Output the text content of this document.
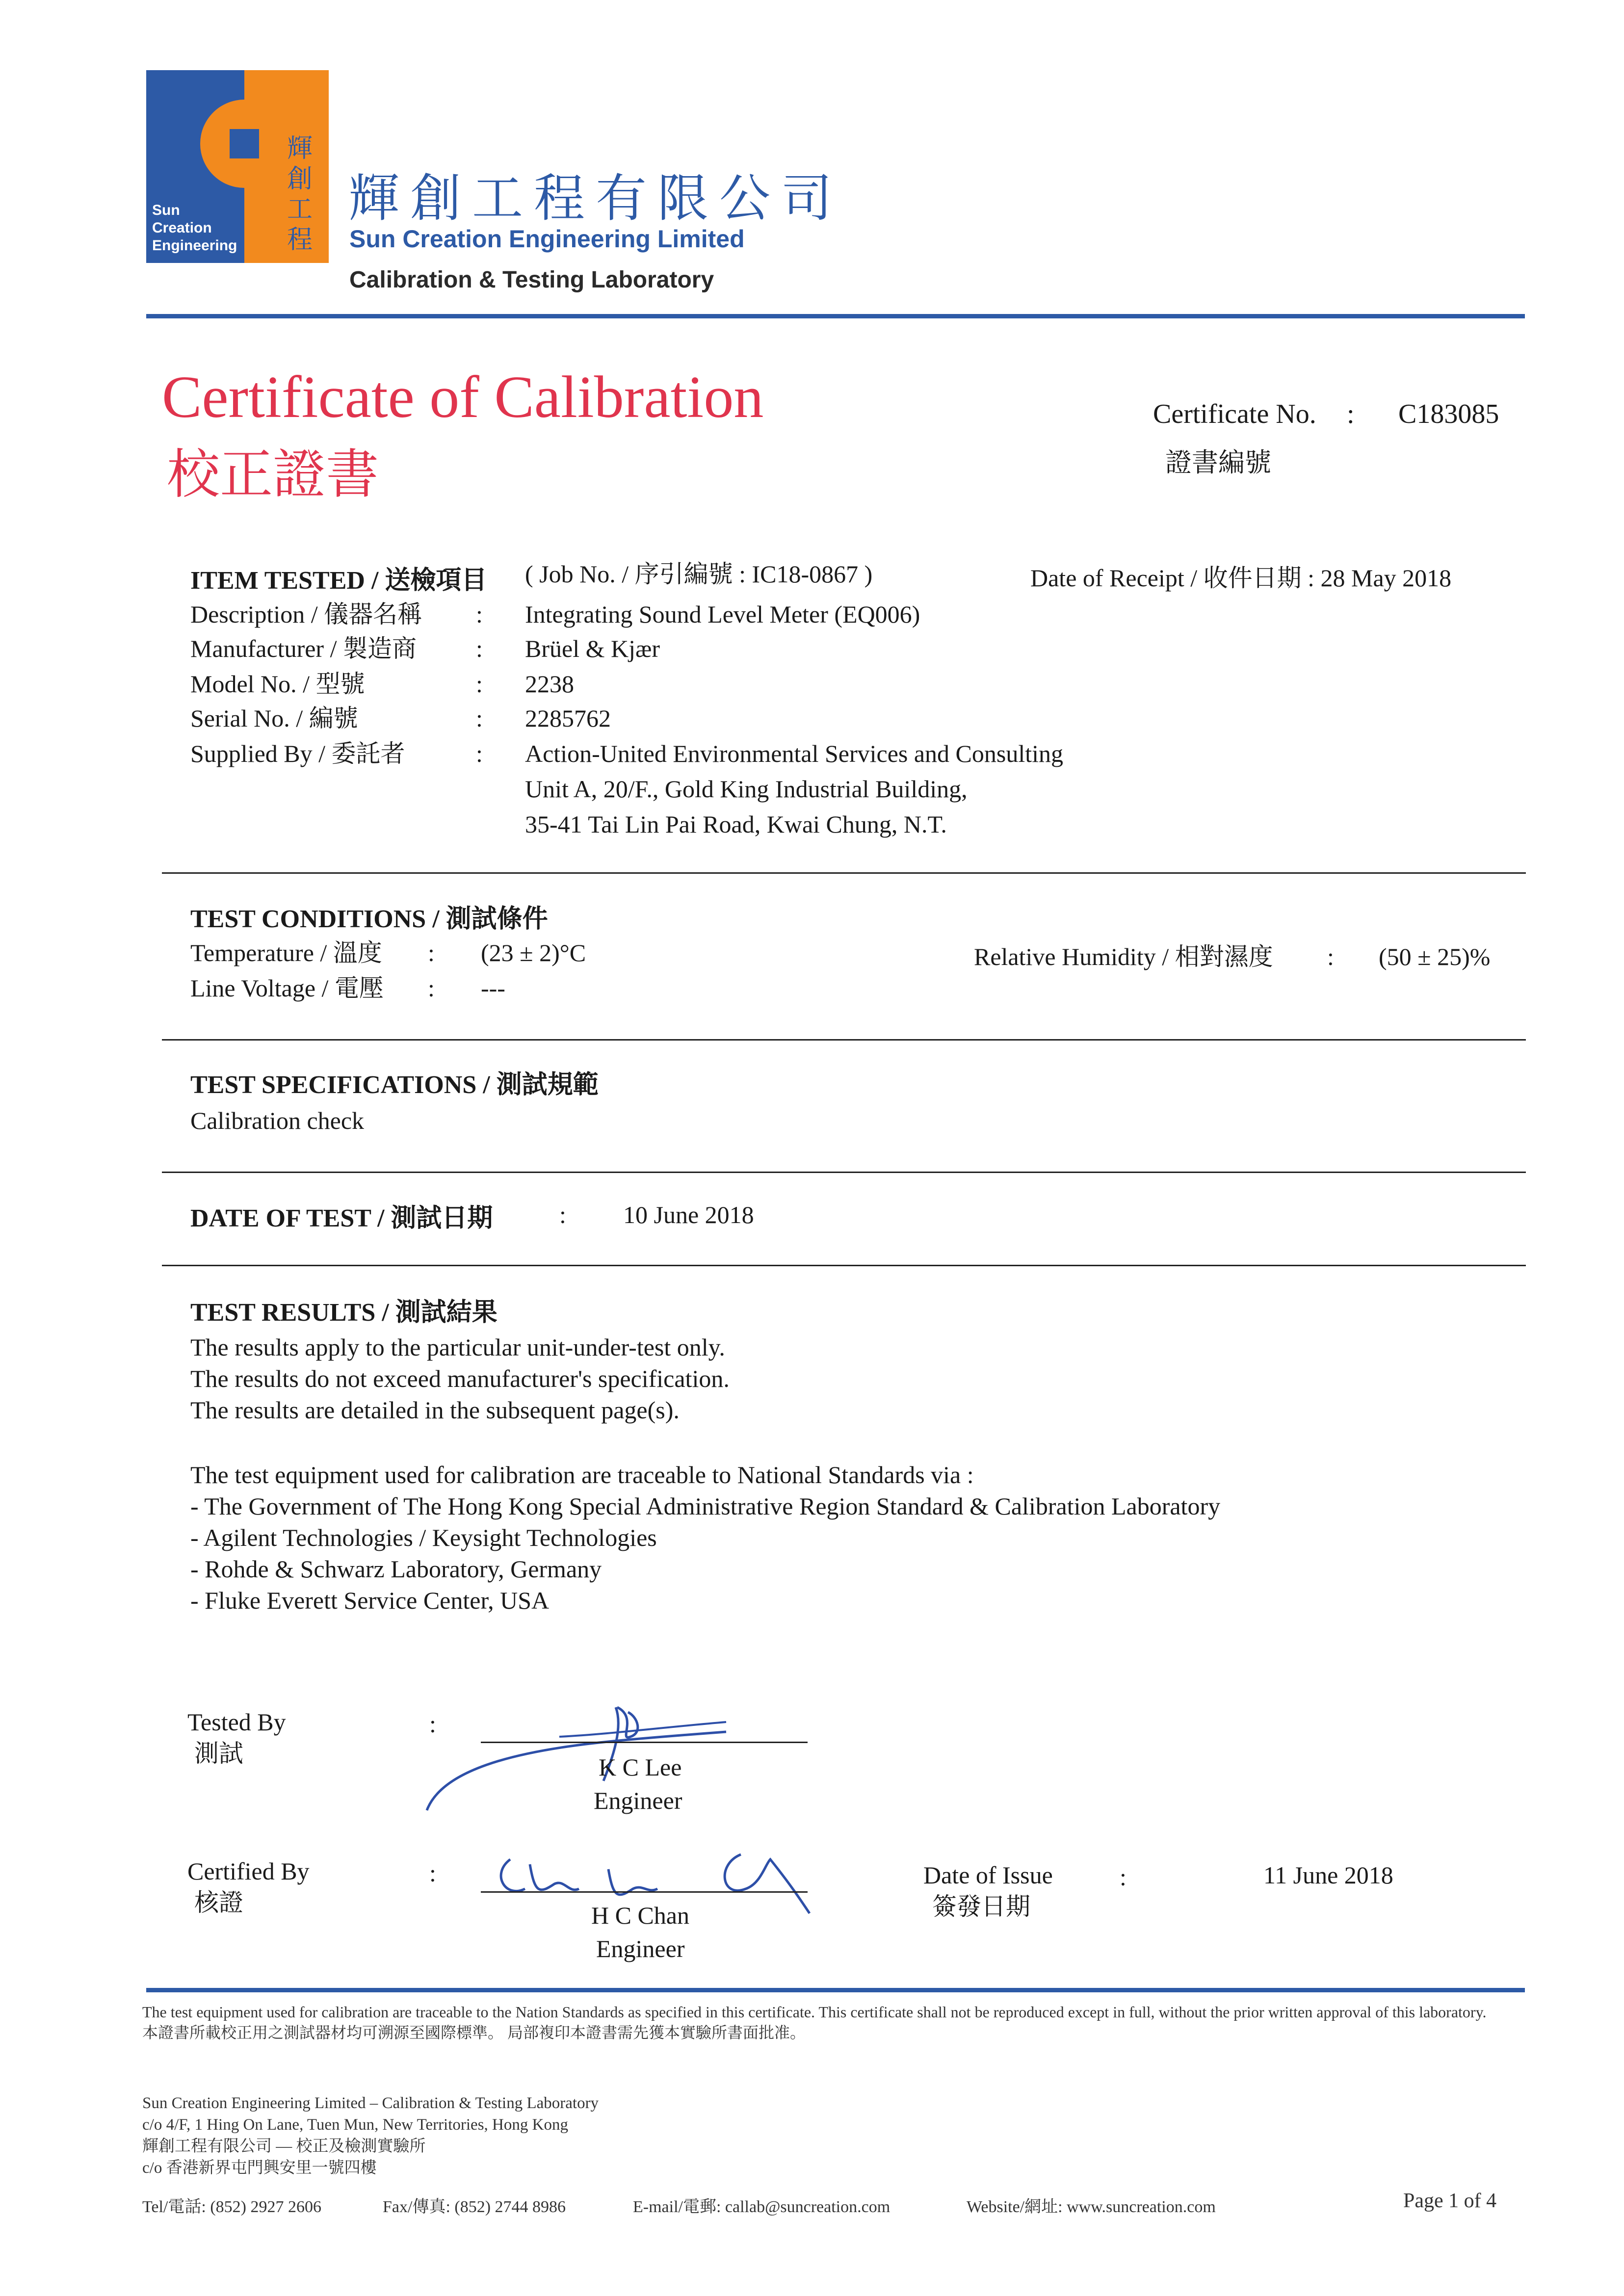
Sun
Creation
Engineering
輝
創
工
程
輝創工程有限公司
Sun Creation Engineering Limited
Calibration & Testing Laboratory
Certificate of Calibration
校正證書
Certificate No. : C183085
證書編號
ITEM TESTED / 送檢項目 ( Job No. / 序引編號 : IC18-0867 )	Date of Receipt / 收件日期 : 28 May 2018
Description / 儀器名稱 : Integrating Sound Level Meter (EQ006)
Manufacturer / 製造商 : Brüel & Kjær
Model No. / 型號	: 2238
Serial No. / 編號	: 2285762
Supplied By / 委託者	: Action-United Environmental Services and Consulting
Unit A, 20/F., Gold King Industrial Building,
35-41 Tai Lin Pai Road, Kwai Chung, N.T.
TEST CONDITIONS / 測試條件
Temperature / 溫度 : (23 ± 2)°C
Line Voltage / 電壓 : ---
Relative Humidity / 相對濕度 : (50 ± 25)%
TEST SPECIFICATIONS / 測試規範
Calibration check
DATE OF TEST / 測試日期	: 10 June 2018
TEST RESULTS / 測試結果
The results apply to the particular unit-under-test only.
The results do not exceed manufacturer's specification.
The results are detailed in the subsequent page(s).
The test equipment used for calibration are traceable to National Standards via :
- The Government of The Hong Kong Special Administrative Region Standard & Calibration Laboratory
- Agilent Technologies / Keysight Technologies
- Rohde & Schwarz Laboratory, Germany
- Fluke Everett Service Center, USA
Tested By
測試
:
K C Lee
Engineer
Certified By
核證
:
H C Chan
Engineer
Date of Issue
簽發日期
:	11 June 2018
The test equipment used for calibration are traceable to the Nation Standards as specified in this certificate. This certificate shall not be reproduced except in full, without the prior written approval of this laboratory.
本證書所載校正用之測試器材均可溯源至國際標準。 局部複印本證書需先獲本實驗所書面批准。
Sun Creation Engineering Limited – Calibration & Testing Laboratory
c/o 4/F, 1 Hing On Lane, Tuen Mun, New Territories, Hong Kong
輝創工程有限公司 — 校正及檢測實驗所
c/o 香港新界屯門興安里一號四樓
Tel/電話: (852) 2927 2606	Fax/傳真: (852) 2744 8986	E-mail/電郵: callab@suncreation.com	Website/網址: www.suncreation.com	Page 1 of 4
